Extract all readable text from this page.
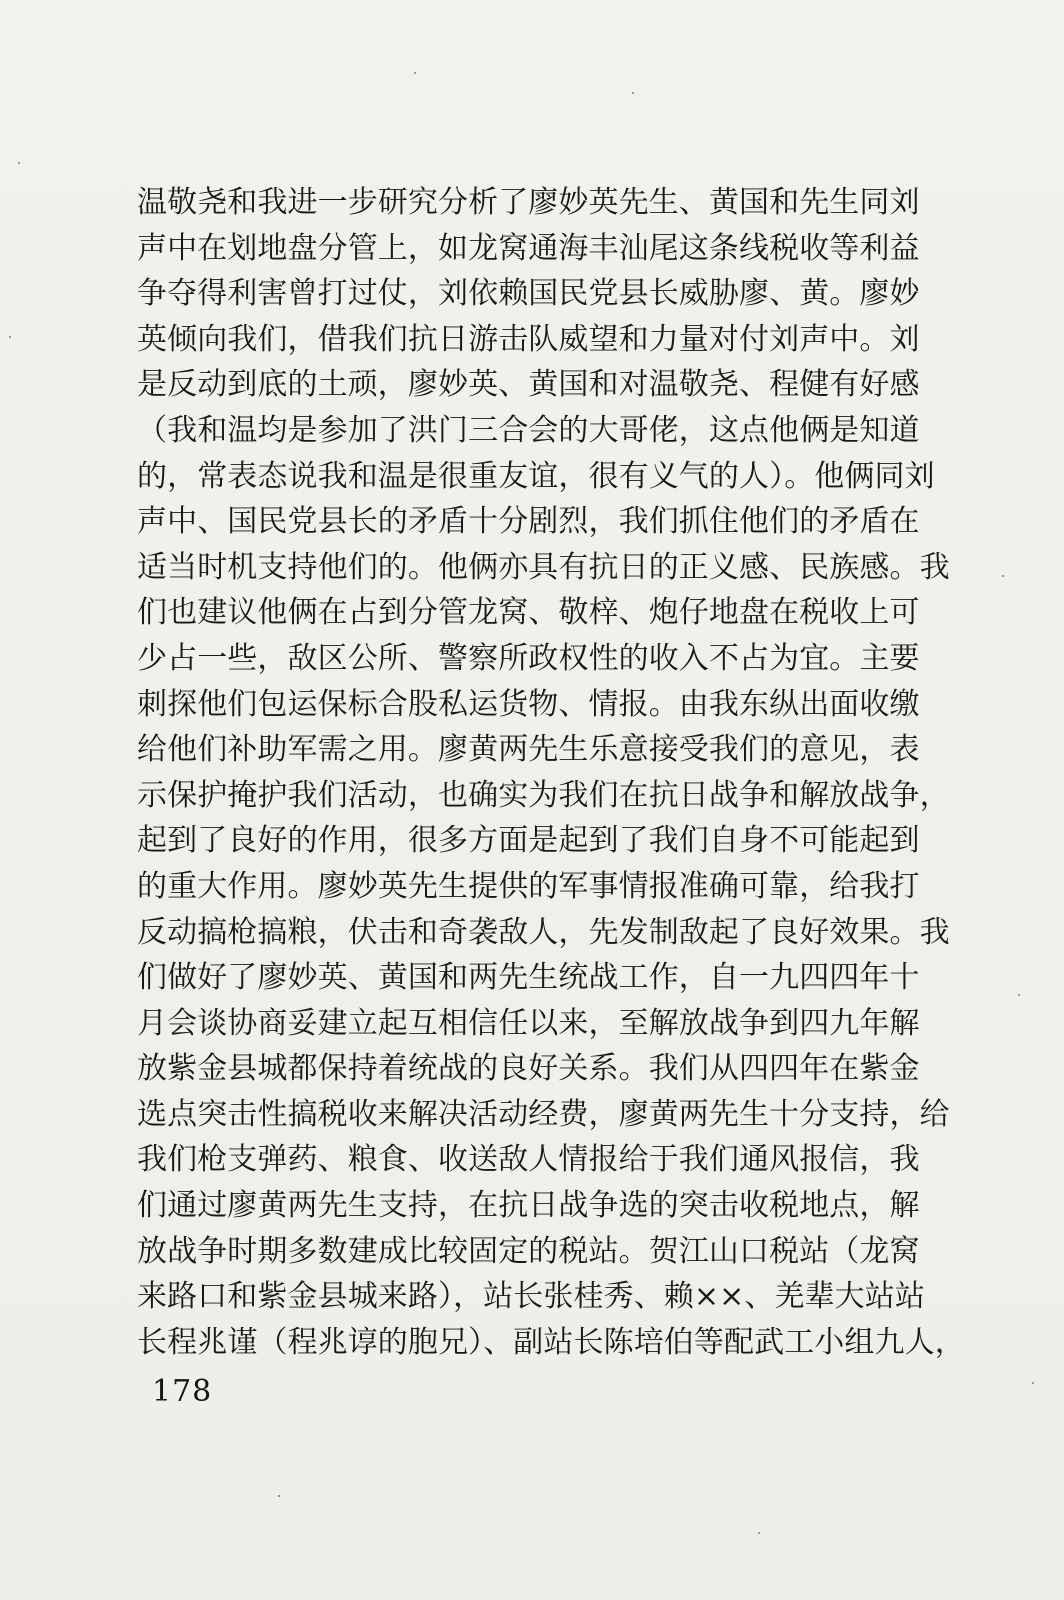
温敬尧和我进一步研究分析了廖妙英先生、黄国和先生同刘
声中在划地盘分管上，如龙窝通海丰汕尾这条线税收等利益
争夺得利害曾打过仗，刘依赖国民党县长威胁廖、黄。廖妙
英倾向我们，借我们抗日游击队威望和力量对付刘声中。刘
是反动到底的土顽，廖妙英、黄国和对温敬尧、程健有好感
（我和温均是参加了洪门三合会的大哥佬，这点他俩是知道
的，常表态说我和温是很重友谊，很有义气的人）。他俩同刘
声中、国民党县长的矛盾十分剧烈，我们抓住他们的矛盾在
适当时机支持他们的。他俩亦具有抗日的正义感、民族感。我
们也建议他俩在占到分管龙窝、敬梓、炮仔地盘在税收上可
少占一些，敌区公所、警察所政权性的收入不占为宜。主要
刺探他们包运保标合股私运货物、情报。由我东纵出面收缴
给他们补助军需之用。廖黄两先生乐意接受我们的意见，表
示保护掩护我们活动，也确实为我们在抗日战争和解放战争，
起到了良好的作用，很多方面是起到了我们自身不可能起到
的重大作用。廖妙英先生提供的军事情报准确可靠，给我打
反动搞枪搞粮，伏击和奇袭敌人，先发制敌起了良好效果。我
们做好了廖妙英、黄国和两先生统战工作，自一九四四年十
月会谈协商妥建立起互相信任以来，至解放战争到四九年解
放紫金县城都保持着统战的良好关系。我们从四四年在紫金
选点突击性搞税收来解决活动经费，廖黄两先生十分支持，给
我们枪支弹药、粮食、收送敌人情报给于我们通风报信，我
们通过廖黄两先生支持，在抗日战争选的突击收税地点，解
放战争时期多数建成比较固定的税站。贺江山口税站（龙窝
来路口和紫金县城来路），站长张桂秀、赖××、羌辈大站站
长程兆谨（程兆谆的胞兄）、副站长陈培伯等配武工小组九人，
178
